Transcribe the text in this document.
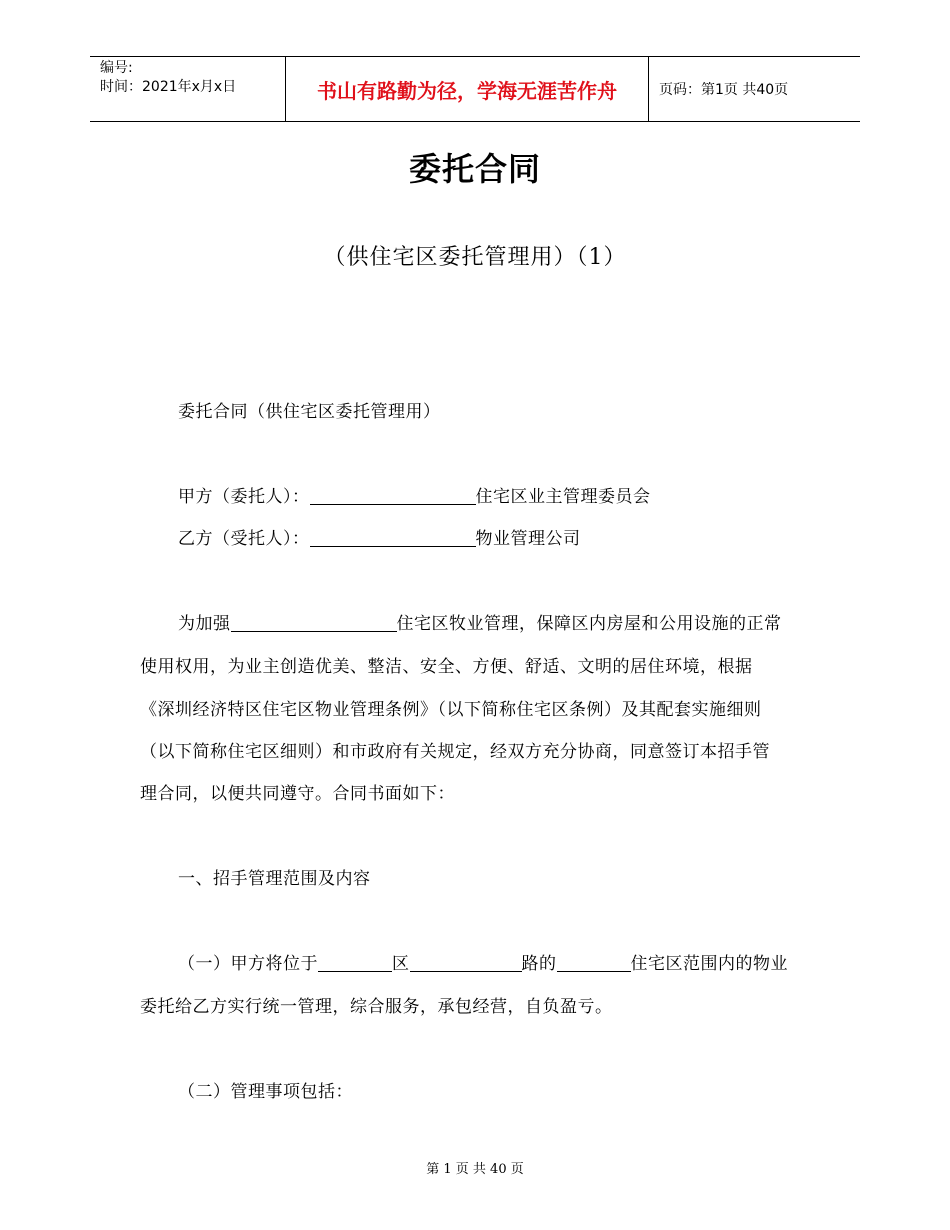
编号:
时间：2021年x月x日	书山有路勤为径，学海无涯苦作舟	页码：第1页 共40页
委托合同
（供住宅区委托管理用）（1）
委托合同（供住宅区委托管理用）
甲方（委托人）：	住宅区业主管理委员会
乙方（受托人）：	物业管理公司
为加强	住宅区牧业管理，保障区内房屋和公用设施的正常
使用权用，为业主创造优美、整洁、安全、方便、舒适、文明的居住环境，根据
《深圳经济特区住宅区物业管理条例》（以下简称住宅区条例）及其配套实施细则
（以下简称住宅区细则）和市政府有关规定，经双方充分协商，同意签订本招手管
理合同，以便共同遵守。合同书面如下：
一、招手管理范围及内容
（一）甲方将位于	区	路的	住宅区范围内的物业
委托给乙方实行统一管理，综合服务，承包经营，自负盈亏。
（二）管理事项包括：
第 1 页 共 40 页
